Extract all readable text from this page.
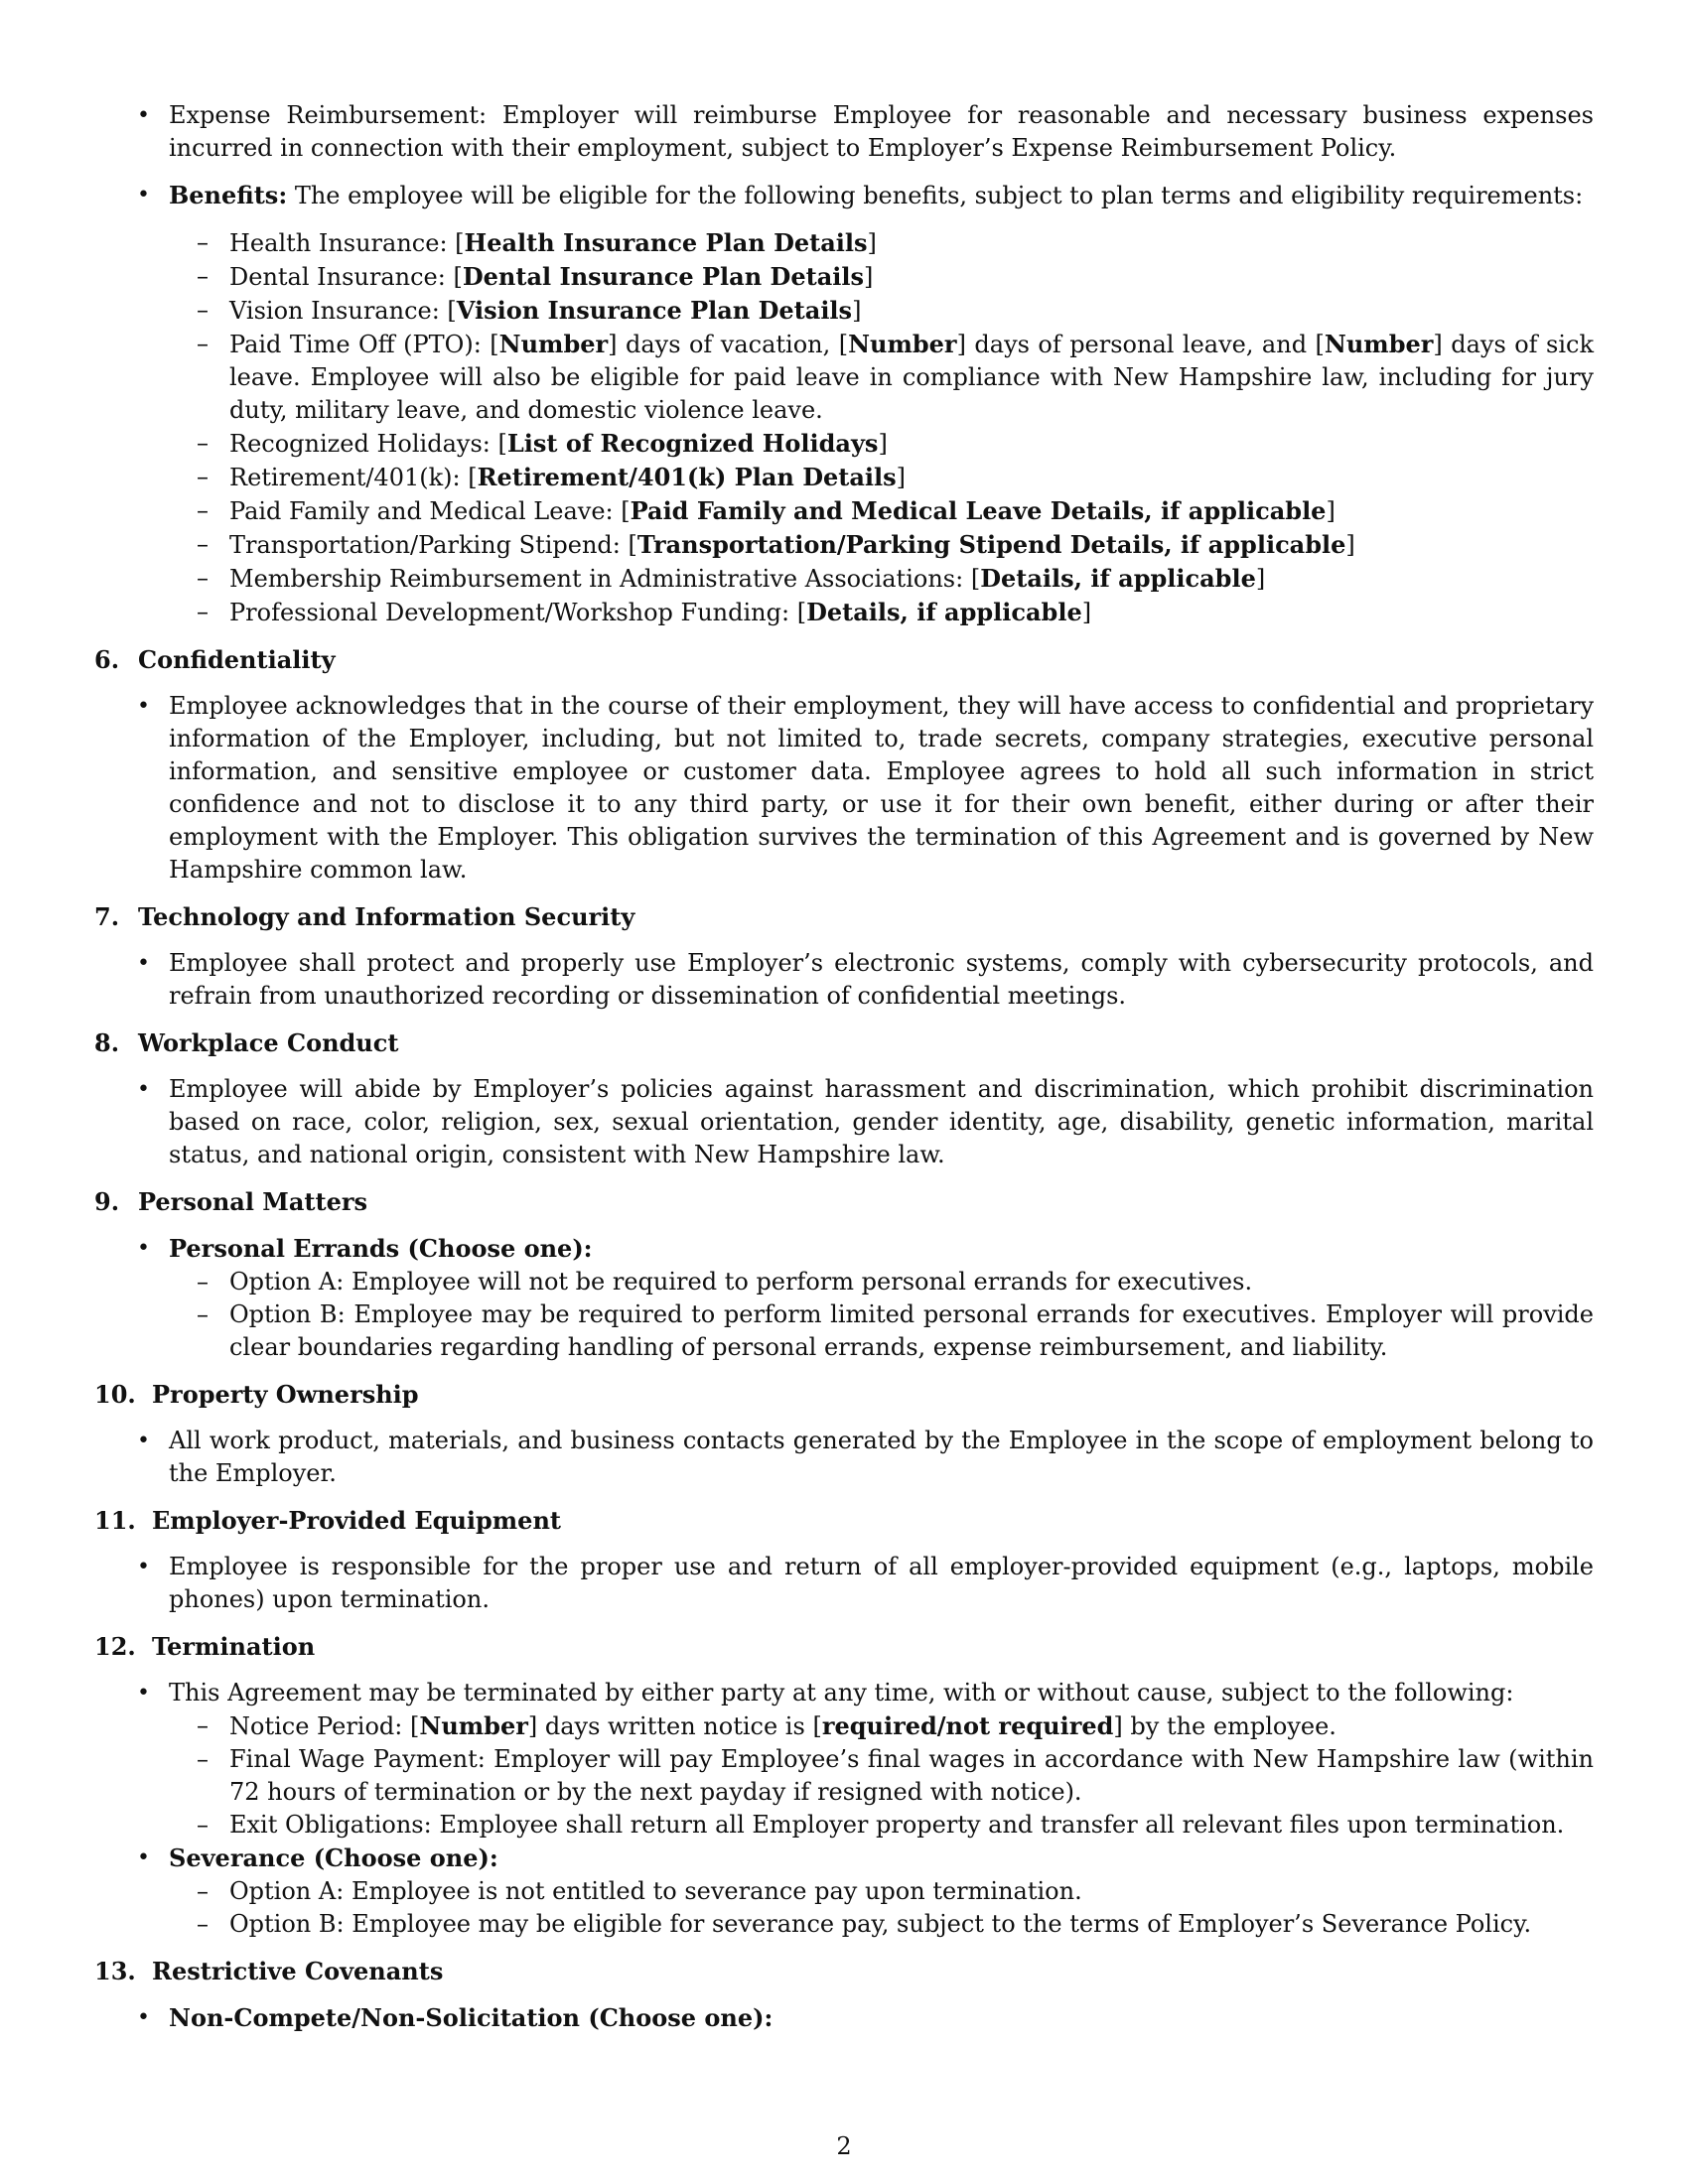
• Expense Reimbursement: Employer will reimburse Employee for reasonable and necessary business expenses incurred in connection with their employment, subject to Employer’s Expense Reimbursement Policy.
• Benefits: The employee will be eligible for the following benefits, subject to plan terms and eligibility requirements:
– Health Insurance: [Health Insurance Plan Details]
– Dental Insurance: [Dental Insurance Plan Details]
– Vision Insurance: [Vision Insurance Plan Details]
– Paid Time Off (PTO): [Number] days of vacation, [Number] days of personal leave, and [Number] days of sick leave. Employee will also be eligible for paid leave in compliance with New Hampshire law, including for jury duty, military leave, and domestic violence leave.
– Recognized Holidays: [List of Recognized Holidays]
– Retirement/401(k): [Retirement/401(k) Plan Details]
– Paid Family and Medical Leave: [Paid Family and Medical Leave Details, if applicable]
– Transportation/Parking Stipend: [Transportation/Parking Stipend Details, if applicable]
– Membership Reimbursement in Administrative Associations: [Details, if applicable]
– Professional Development/Workshop Funding: [Details, if applicable]
6. Confidentiality
• Employee acknowledges that in the course of their employment, they will have access to confidential and proprietary information of the Employer, including, but not limited to, trade secrets, company strategies, executive personal information, and sensitive employee or customer data. Employee agrees to hold all such information in strict confidence and not to disclose it to any third party, or use it for their own benefit, either during or after their employment with the Employer. This obligation survives the termination of this Agreement and is governed by New Hampshire common law.
7. Technology and Information Security
• Employee shall protect and properly use Employer’s electronic systems, comply with cybersecurity protocols, and refrain from unauthorized recording or dissemination of confidential meetings.
8. Workplace Conduct
• Employee will abide by Employer’s policies against harassment and discrimination, which prohibit discrimination based on race, color, religion, sex, sexual orientation, gender identity, age, disability, genetic information, marital status, and national origin, consistent with New Hampshire law.
9. Personal Matters
• Personal Errands (Choose one):
– Option A: Employee will not be required to perform personal errands for executives.
– Option B: Employee may be required to perform limited personal errands for executives. Employer will provide clear boundaries regarding handling of personal errands, expense reimbursement, and liability.
10. Property Ownership
• All work product, materials, and business contacts generated by the Employee in the scope of employment belong to the Employer.
11. Employer-Provided Equipment
• Employee is responsible for the proper use and return of all employer-provided equipment (e.g., laptops, mobile phones) upon termination.
12. Termination
• This Agreement may be terminated by either party at any time, with or without cause, subject to the following:
– Notice Period: [Number] days written notice is [required/not required] by the employee.
– Final Wage Payment: Employer will pay Employee’s final wages in accordance with New Hampshire law (within 72 hours of termination or by the next payday if resigned with notice).
– Exit Obligations: Employee shall return all Employer property and transfer all relevant files upon termination.
• Severance (Choose one):
– Option A: Employee is not entitled to severance pay upon termination.
– Option B: Employee may be eligible for severance pay, subject to the terms of Employer’s Severance Policy.
13. Restrictive Covenants
• Non-Compete/Non-Solicitation (Choose one):
2
